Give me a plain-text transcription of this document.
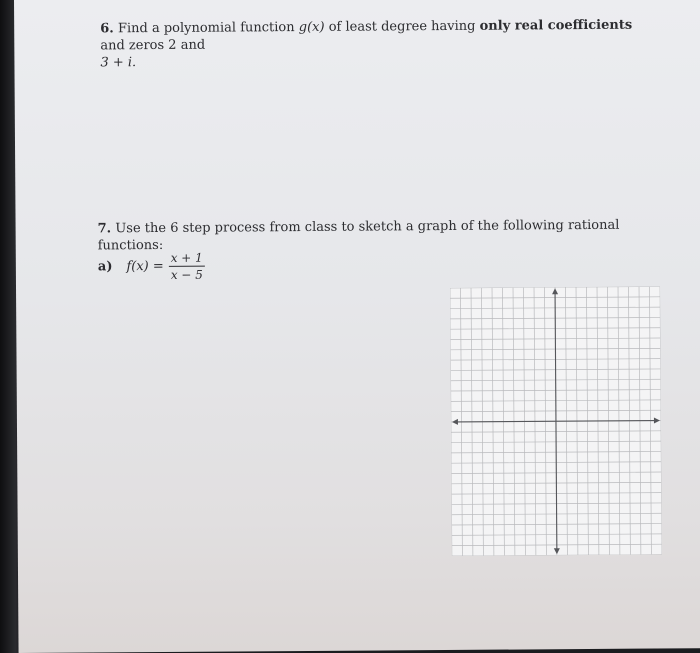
6. Find a polynomial function g(x) of least degree having only real coefficients and zeros 2 and
3 + i.
7. Use the 6 step process from class to sketch a graph of the following rational functions:
a) $f(x) = \frac{x + 1}{x - 5}$
